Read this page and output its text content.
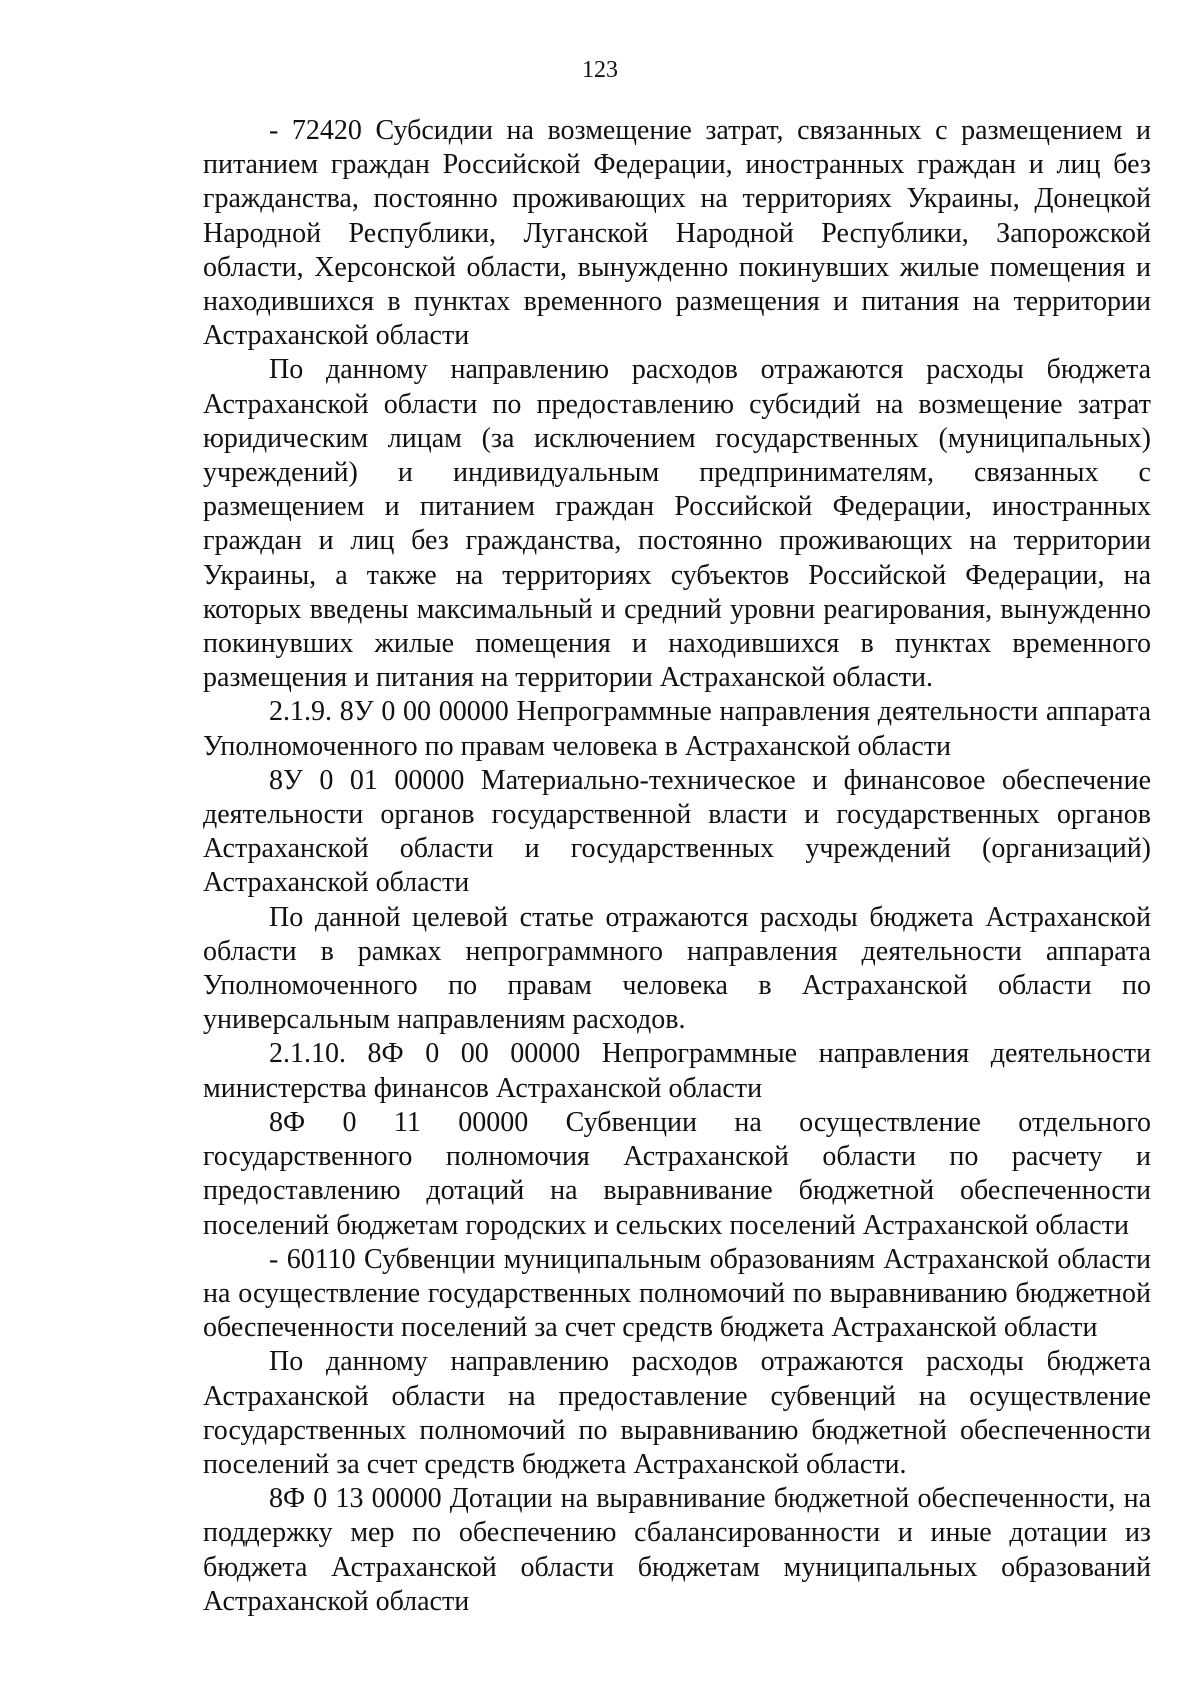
123

- 72420 Субсидии на возмещение затрат, связанных с размещением и питанием граждан Российской Федерации, иностранных граждан и лиц без гражданства, постоянно проживающих на территориях Украины, Донецкой Народной Республики, Луганской Народной Республики, Запорожской области, Херсонской области, вынужденно покинувших жилые помещения и находившихся в пунктах временного размещения и питания на территории Астраханской области

По данному направлению расходов отражаются расходы бюджета Астраханской области по предоставлению субсидий на возмещение затрат юридическим лицам (за исключением государственных (муниципальных) учреждений) и индивидуальным предпринимателям, связанных с размещением и питанием граждан Российской Федерации, иностранных граждан и лиц без гражданства, постоянно проживающих на территории Украины, а также на территориях субъектов Российской Федерации, на которых введены максимальный и средний уровни реагирования, вынужденно покинувших жилые помещения и находившихся в пунктах временного размещения и питания на территории Астраханской области.

2.1.9. 8У 0 00 00000 Непрограммные направления деятельности аппарата Уполномоченного по правам человека в Астраханской области

8У 0 01 00000 Материально-техническое и финансовое обеспечение деятельности органов государственной власти и государственных органов Астраханской области и государственных учреждений (организаций) Астраханской области

По данной целевой статье отражаются расходы бюджета Астраханской области в рамках непрограммного направления деятельности аппарата Уполномоченного по правам человека в Астраханской области по универсальным направлениям расходов.

2.1.10. 8Ф 0 00 00000 Непрограммные направления деятельности министерства финансов Астраханской области

8Ф 0 11 00000 Субвенции на осуществление отдельного государственного полномочия Астраханской области по расчету и предоставлению дотаций на выравнивание бюджетной обеспеченности поселений бюджетам городских и сельских поселений Астраханской области

- 60110 Субвенции муниципальным образованиям Астраханской области на осуществление государственных полномочий по выравниванию бюджетной обеспеченности поселений за счет средств бюджета Астраханской области

По данному направлению расходов отражаются расходы бюджета Астраханской области на предоставление субвенций на осуществление государственных полномочий по выравниванию бюджетной обеспеченности поселений за счет средств бюджета Астраханской области.

8Ф 0 13 00000 Дотации на выравнивание бюджетной обеспеченности, на поддержку мер по обеспечению сбалансированности и иные дотации из бюджета Астраханской области бюджетам муниципальных образований Астраханской области
